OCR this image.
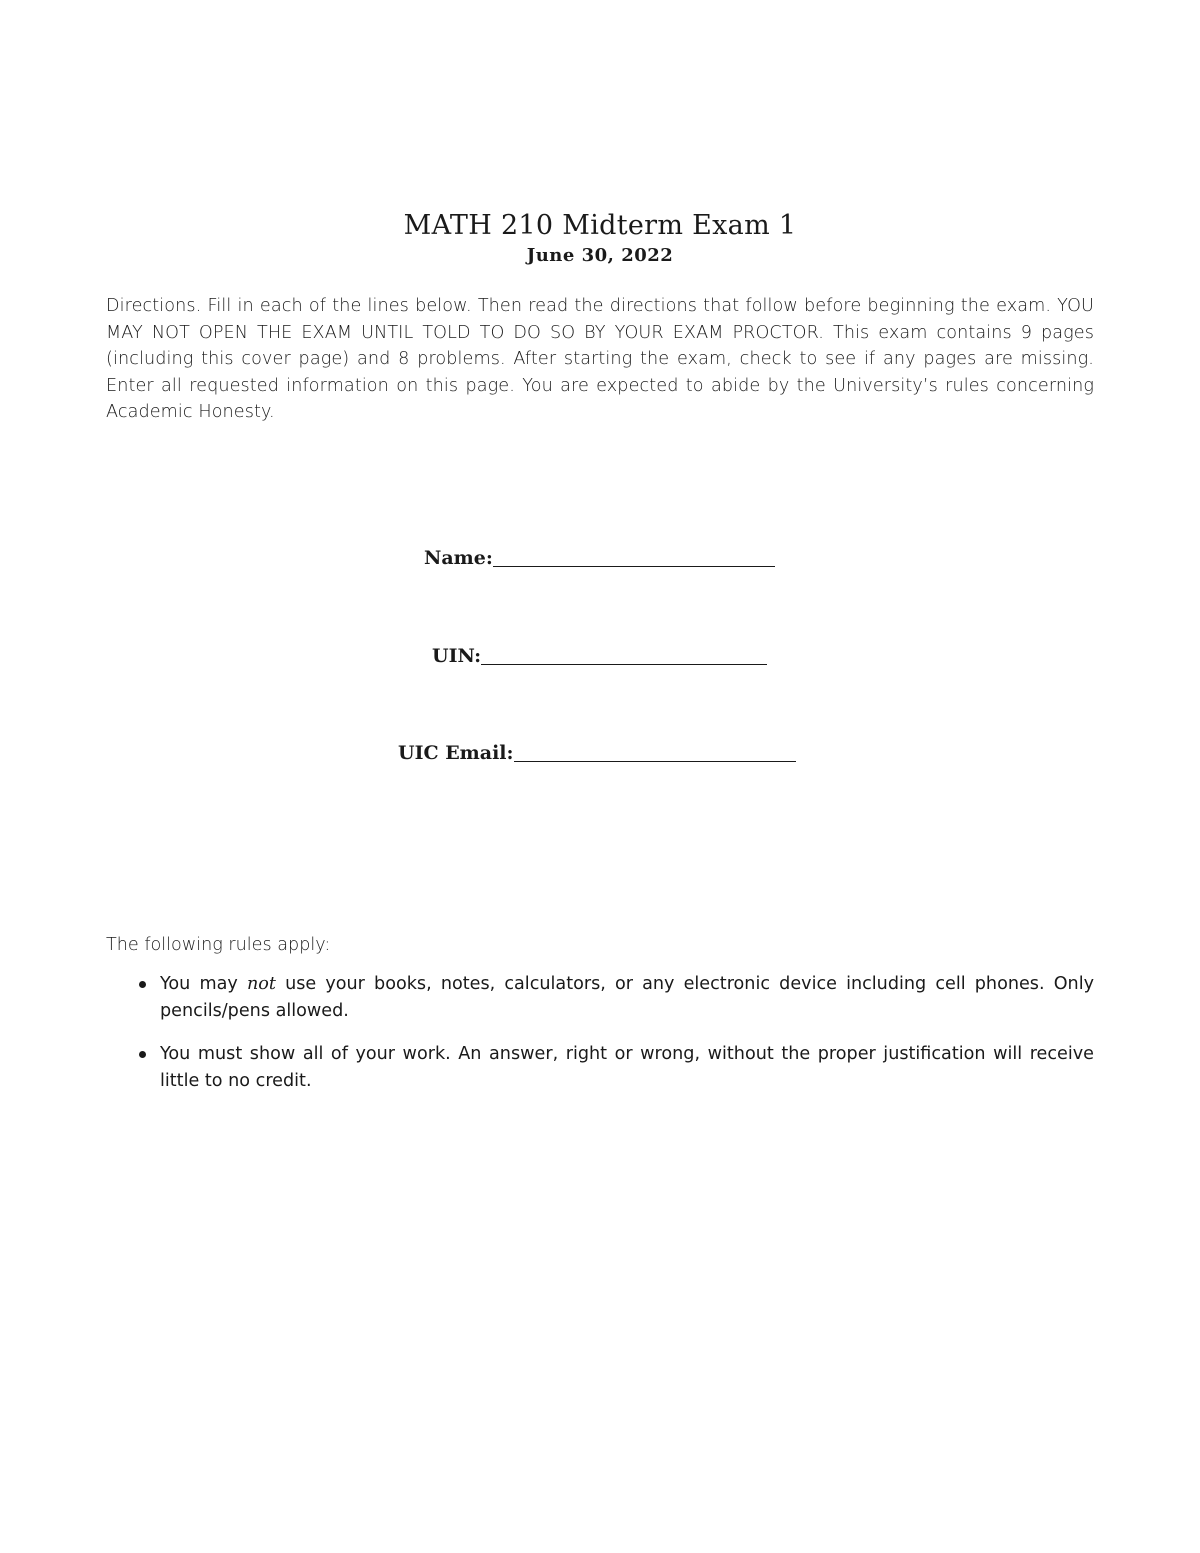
MATH 210 Midterm Exam 1
June 30, 2022
Directions. Fill in each of the lines below. Then read the directions that follow before beginning the exam. YOU MAY NOT OPEN THE EXAM UNTIL TOLD TO DO SO BY YOUR EXAM PROCTOR. This exam contains 9 pages (including this cover page) and 8 problems. After starting the exam, check to see if any pages are missing. Enter all requested information on this page. You are expected to abide by the University’s rules concerning Academic Honesty.
Name:
UIN:
UIC Email:
The following rules apply:
You may not use your books, notes, calculators, or any electronic device including cell phones. Only pencils/pens allowed.
You must show all of your work. An answer, right or wrong, without the proper justification will receive little to no credit.
